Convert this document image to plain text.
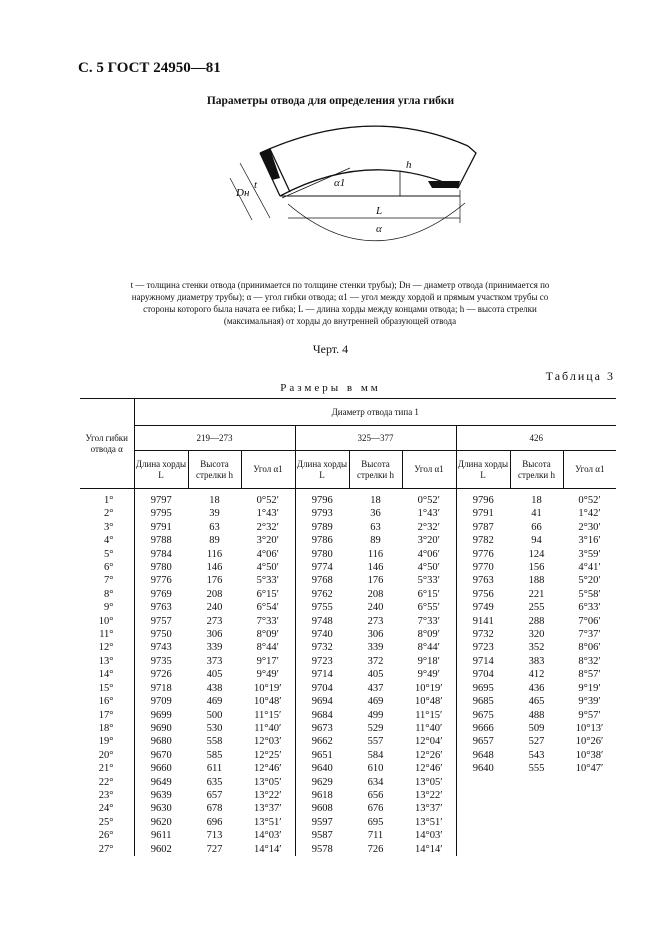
С. 5 ГОСТ 24950—81
Параметры отвода для определения угла гибки
h
t
Dн
α1
L
α
t — толщина стенки отвода (принимается по толщине стенки трубы); Dн — диаметр отвода (принимается по наружному диаметру трубы); α — угол гибки отвода; α1 — угол между хордой и прямым участком трубы со стороны которого была начата ее гибка; L — длина хорды между концами отвода; h — высота стрелки (максимальная) от хорды до внутренней образующей отвода
Черт. 4
Таблица 3
Размеры в мм
Угол гибки отвода α	Диаметр отвода типа 1								
	219—273			325—377			426		
	Длина хорды L	Высота стрелки h	Угол α1	Длина хорды L	Высота стрелки h	Угол α1	Длина хорды L	Высота стрелки h	Угол α1
1°	9797	18	0°52′	9796	18	0°52′	9796	18	0°52′
2°	9795	39	1°43′	9793	36	1°43′	9791	41	1°42′
3°	9791	63	2°32′	9789	63	2°32′	9787	66	2°30′
4°	9788	89	3°20′	9786	89	3°20′	9782	94	3°16′
5°	9784	116	4°06′	9780	116	4°06′	9776	124	3°59′
6°	9780	146	4°50′	9774	146	4°50′	9770	156	4°41′
7°	9776	176	5°33′	9768	176	5°33′	9763	188	5°20′
8°	9769	208	6°15′	9762	208	6°15′	9756	221	5°58′
9°	9763	240	6°54′	9755	240	6°55′	9749	255	6°33′
10°	9757	273	7°33′	9748	273	7°33′	9141	288	7°06′
11°	9750	306	8°09′	9740	306	8°09′	9732	320	7°37′
12°	9743	339	8°44′	9732	339	8°44′	9723	352	8°06′
13°	9735	373	9°17′	9723	372	9°18′	9714	383	8°32′
14°	9726	405	9°49′	9714	405	9°49′	9704	412	8°57′
15°	9718	438	10°19′	9704	437	10°19′	9695	436	9°19′
16°	9709	469	10°48′	9694	469	10°48′	9685	465	9°39′
17°	9699	500	11°15′	9684	499	11°15′	9675	488	9°57′
18°	9690	530	11°40′	9673	529	11°40′	9666	509	10°13′
19°	9680	558	12°03′	9662	557	12°04′	9657	527	10°26′
20°	9670	585	12°25′	9651	584	12°26′	9648	543	10°38′
21°	9660	611	12°46′	9640	610	12°46′	9640	555	10°47′
22°	9649	635	13°05′	9629	634	13°05′			
23°	9639	657	13°22′	9618	656	13°22′			
24°	9630	678	13°37′	9608	676	13°37′			
25°	9620	696	13°51′	9597	695	13°51′			
26°	9611	713	14°03′	9587	711	14°03′			
27°	9602	727	14°14′	9578	726	14°14′			
